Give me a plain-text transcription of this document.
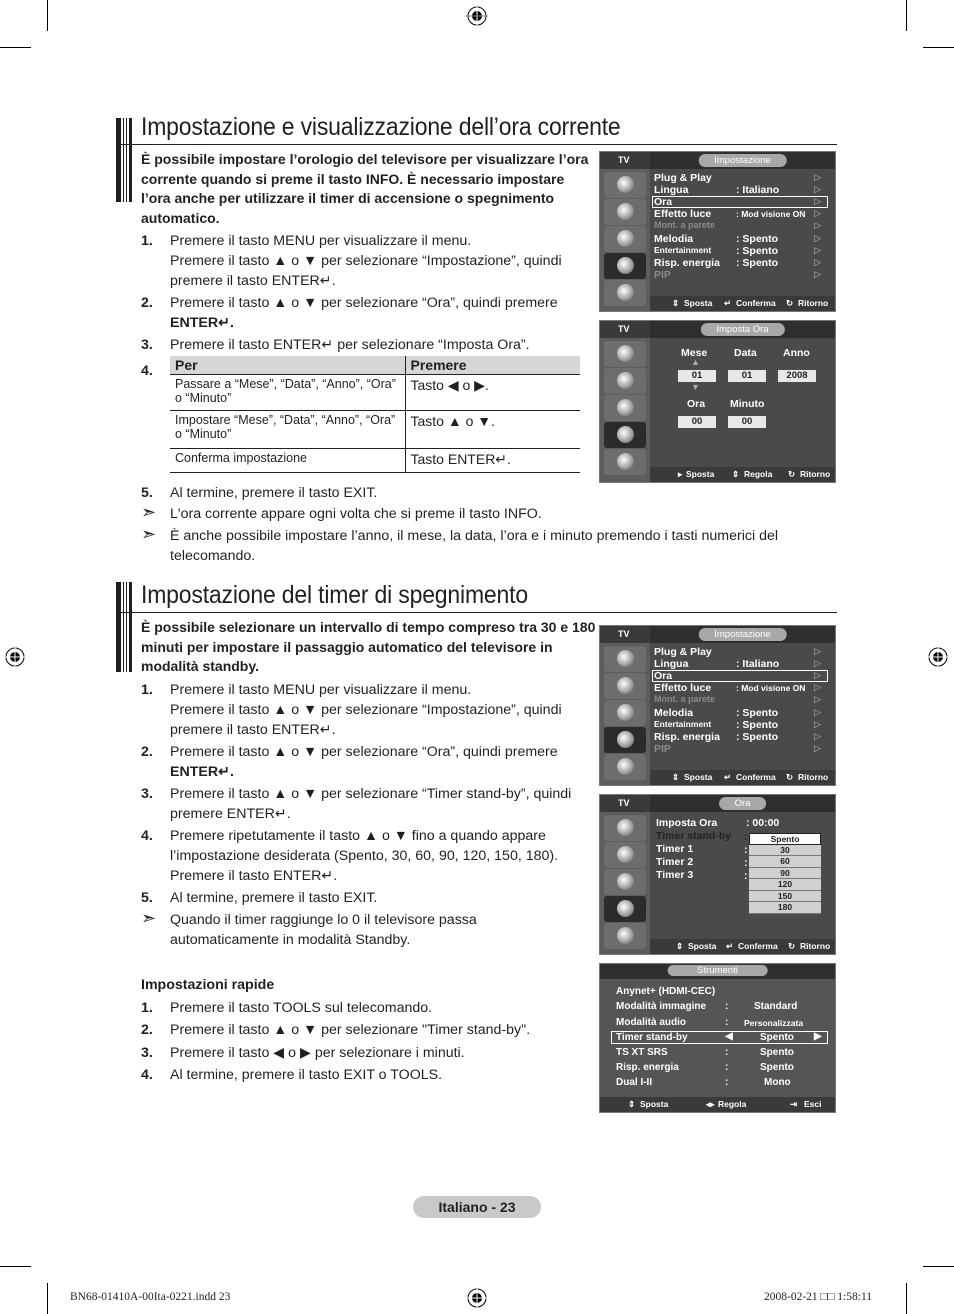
Impostazione e visualizzazione dell’ora corrente
È possibile impostare l’orologio del televisore per visualizzare l’ora corrente quando si preme il tasto INFO. È necessario impostare l’ora anche per utilizzare il timer di accensione o spegnimento automatico.
1. Premere il tasto MENU per visualizzare il menu.
Premere il tasto ▲ o ▼ per selezionare “Impostazione”, quindi
premere il tasto ENTER↵.
2. Premere il tasto ▲ o ▼ per selezionare “Ora”, quindi premere
ENTER↵.
3. Premere il tasto ENTER↵ per selezionare “Imposta Ora”.
4. Per	Premere
Passare a “Mese”, “Data”, “Anno”, “Ora” o “Minuto”	Tasto ◀ o ▶.
Impostare “Mese”, “Data”, “Anno”, “Ora” o “Minuto”	Tasto ▲ o ▼.
Conferma impostazione	Tasto ENTER↵.
5. Al termine, premere il tasto EXIT.
➣ L'ora corrente appare ogni volta che si preme il tasto INFO.
➣ È anche possibile impostare l’anno, il mese, la data, l’ora e i minuto premendo i tasti numerici del
telecomando.
Impostazione del timer di spegnimento
È possibile selezionare un intervallo di tempo compreso tra 30 e 180 minuti per impostare il passaggio automatico del televisore in modalità standby.
1. Premere il tasto MENU per visualizzare il menu.
Premere il tasto ▲ o ▼ per selezionare “Impostazione”, quindi
premere il tasto ENTER↵.
2. Premere il tasto ▲ o ▼ per selezionare “Ora”, quindi premere
ENTER↵.
3. Premere il tasto ▲ o ▼ per selezionare “Timer stand-by”, quindi
premere ENTER↵.
4. Premere ripetutamente il tasto ▲ o ▼ fino a quando appare
l’impostazione desiderata (Spento, 30, 60, 90, 120, 150, 180).
Premere il tasto ENTER↵.
5. Al termine, premere il tasto EXIT.
➣ Quando il timer raggiunge lo 0 il televisore passa
automaticamente in modalità Standby.
Impostazioni rapide
1. Premere il tasto TOOLS sul telecomando.
2. Premere il tasto ▲ o ▼ per selezionare "Timer stand-by".
3. Premere il tasto ◀ o ▶ per selezionare i minuti.
4. Al termine, premere il tasto EXIT o TOOLS.
TV	Impostazione
Plug & Play
Lingua	: Italiano
Ora
Effetto luce	: Mod visione ON
Mont. a parete
Melodia	: Spento
Entertainment : Spento
Risp. energia : Spento
PIP
▷
▷
▷
▷
▷
▷
▷
▷
▷
⇕ Sposta ↵ Conferma ↻ Ritorno
TV	Imposta Ora
Mese	Data Anno
▲
01	01	2008
▼
Ora Minuto
00	00
▸ Sposta ⇕ Regola ↻ Ritorno
TV	Impostazione
Plug & Play
Lingua	: Italiano
Ora
Effetto luce	: Mod visione ON
Mont. a parete
Melodia	: Spento
Entertainment : Spento
Risp. energia : Spento
PIP
▷
▷
▷
▷
▷
▷
▷
▷
▷
⇕ Sposta ↵ Conferma ↻ Ritorno
TV	Ora
Imposta Ora	: 00:00
Timer stand-by
Timer 1
Timer 2
Timer 3
:
:
:
:
Spento
30
60
90
120
150
180
⇕ Sposta ↵ Conferma ↻ Ritorno
Strumenti
Anynet+ (HDMI-CEC)
Modalità immagine :	Standard
Modalità audio	: Personalizzata
Timer stand-by	◀	Spento ▶
TS XT SRS	:	Spento
Risp. energia	:	Spento
Dual I-II	:	Mono
⇕ Sposta	◂▸ Regola	⇥ Esci
Italiano - 23
BN68-01410A-00Ita-0221.indd 23	2008-02-21 □□ 1:58:11
